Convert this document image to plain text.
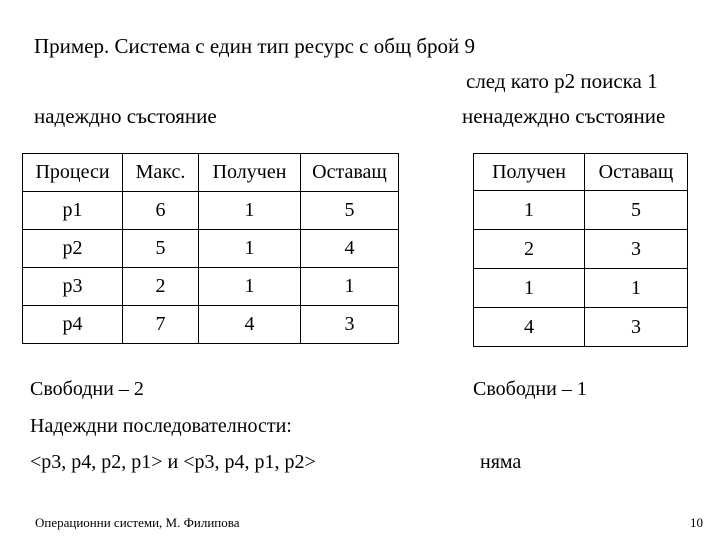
Пример. Система с един тип ресурс с общ брой 9
след като p2 поиска 1
надеждно състояние	ненадеждно състояние
Процеси	Макс.	Получен	Оставащ
p1	6	1	5
p2	5	1	4
p3	2	1	1
p4	7	4	3
Получен	Оставащ
1	5
2	3
1	1
4	3
Свободни – 2
Надеждни последователности:
<p3, p4, p2, p1> и <p3, p4, p1, p2>
Свободни – 1
няма
Операционни системи, М. Филипова	10
